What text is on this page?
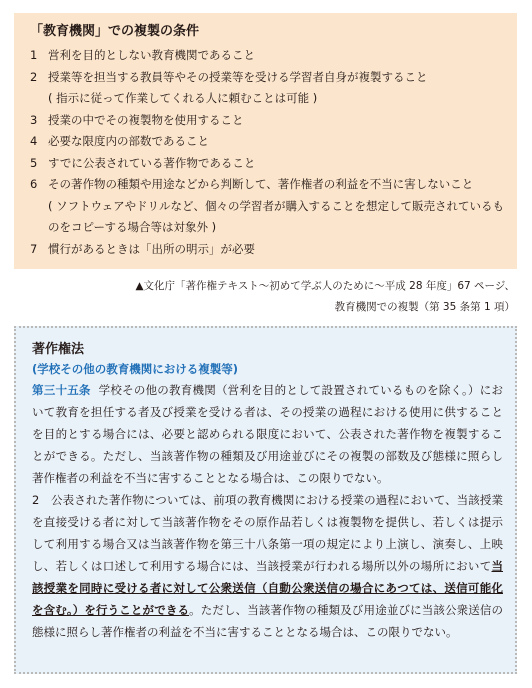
「教育機関」での複製の条件
1 営利を目的としない教育機関であること
2 授業等を担当する教員等やその授業等を受ける学習者自身が複製すること
( 指示に従って作業してくれる人に頼むことは可能 )
3 授業の中でその複製物を使用すること
4 必要な限度内の部数であること
5 すでに公表されている著作物であること
6 その著作物の種類や用途などから判断して、著作権者の利益を不当に害しないこと
( ソフトウェアやドリルなど、個々の学習者が購入することを想定して販売されているも
のをコピーする場合等は対象外 )
7 慣行があるときは「出所の明示」が必要
▲文化庁「著作権テキスト〜初めて学ぶ人のために〜平成 28 年度」67 ページ、
教育機関での複製（第 35 条第 1 項）
著作権法
(学校その他の教育機関における複製等)

第三十五条 学校その他の教育機関（営利を目的として設置されているものを除く。）において教育を担任する者及び授業を受ける者は、その授業の過程における使用に供することを目的とする場合には、必要と認められる限度において、公表された著作物を複製することができる。ただし、当該著作物の種類及び用途並びにその複製の部数及び態様に照らし著作権者の利益を不当に害することとなる場合は、この限りでない。

2　公表された著作物については、前項の教育機関における授業の過程において、当該授業を直接受ける者に対して当該著作物をその原作品若しくは複製物を提供し、若しくは提示して利用する場合又は当該著作物を第三十八条第一項の規定により上演し、演奏し、上映し、若しくは口述して利用する場合には、当該授業が行われる場所以外の場所において当該授業を同時に受ける者に対して公衆送信（自動公衆送信の場合にあつては、送信可能化を含む。）を行うことができる。ただし、当該著作物の種類及び用途並びに当該公衆送信の態様に照らし著作権者の利益を不当に害することとなる場合は、この限りでない。
